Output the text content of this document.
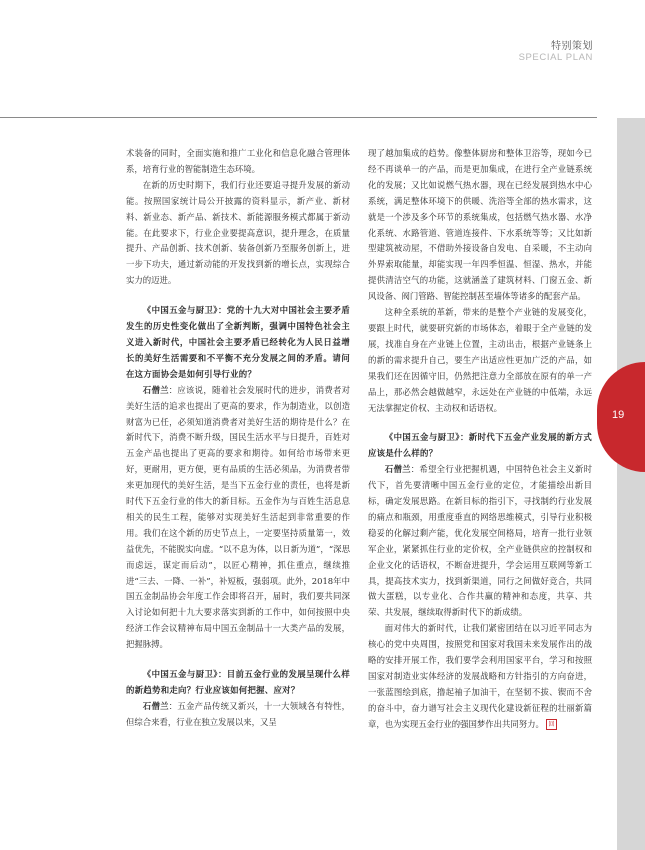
特别策划
SPECIAL PLAN
19

术装备的同时，全面实施和推广工业化和信息化融合管理体系，培育行业的智能制造生态环境。

在新的历史时期下，我们行业还要追寻提升发展的新动能。按照国家统计局公开披露的资料显示，新产业、新材料、新业态、新产品、新技术、新能源服务模式都属于新动能。在此要求下，行业企业要提高意识，提升理念，在质量提升、产品创新、技术创新、装备创新乃至服务创新上，进一步下功夫，通过新动能的开发找到新的增长点，实现综合实力的迈进。

《中国五金与厨卫》：党的十九大对中国社会主要矛盾发生的历史性变化做出了全新判断，强调中国特色社会主义进入新时代，中国社会主要矛盾已经转化为人民日益增长的美好生活需要和不平衡不充分发展之间的矛盾。请问在这方面协会是如何引导行业的？

石僧兰：应该说，随着社会发展时代的进步，消费者对美好生活的追求也提出了更高的要求，作为制造业，以创造财富为已任，必须知道消费者对美好生活的期待是什么？在新时代下，消费不断升级，国民生活水平与日提升，百姓对五金产品也提出了更高的要求和期待。如何给市场带来更好，更耐用，更方便，更有品质的生活必须品，为消费者带来更加现代的美好生活，是当下五金行业的责任，也将是新时代下五金行业的伟大的新目标。五金作为与百姓生活息息相关的民生工程，能够对实现美好生活起到非常重要的作用。我们在这个新的历史节点上，一定要坚持质量第一，效益优先，不能脱实向虚。“以不息为体，以日新为道”，“深思而虑远，谋定而后动”，以匠心精神，抓住重点，继续推进“三去、一降、一补”，补短板，强弱项。此外，2018年中国五金制品协会年度工作会即将召开，届时，我们要共同深入讨论如何把十九大要求落实到新的工作中，如何按照中央经济工作会议精神布局中国五金制品十一大类产品的发展，把握脉搏。

《中国五金与厨卫》：目前五金行业的发展呈现什么样的新趋势和走向？行业应该如何把握、应对？

石僧兰：五金产品传统又新兴，十一大领域各有特性，但综合来看，行业在独立发展以来，又呈

现了越加集成的趋势。像整体厨房和整体卫浴等，现如今已经不再谈单一的产品，而是更加集成，在进行全产业链系统化的发展；又比如说燃气热水器，现在已经发展到热水中心系统，满足整体环境下的供暖、洗浴等全部的热水需求，这就是一个涉及多个环节的系统集成，包括燃气热水器、水净化系统、水路管道、管道连接件、下水系统等等；又比如新型建筑被动屋，不借助外接设备自发电、自采暖，不主动向外界索取能量，却能实现一年四季恒温、恒湿、热水，并能提供清洁空气的功能，这就涵盖了建筑材料、门窗五金、新风设备、阀门管路、智能控制甚至墙体等诸多的配套产品。

这种全系统的革新，带来的是整个产业链的发展变化，要跟上时代，就要研究新的市场体态，着眼于全产业链的发展，找准自身在产业链上位置，主动出击，根据产业链条上的新的需求提升自己，要生产出适应性更加广泛的产品，如果我们还在因循守旧，仍然把注意力全部放在原有的单一产品上，那必然会越做越窄，永远处在产业链的中低端，永远无法掌握定价权、主动权和话语权。

《中国五金与厨卫》：新时代下五金产业发展的新方式应该是什么样的？

石僧兰：希望全行业把握机遇，中国特色社会主义新时代下，首先要清晰中国五金行业的定位，才能描绘出新目标，确定发展思路。在新目标的指引下，寻找制约行业发展的痛点和瓶颈，用重度垂直的网络思维模式，引导行业积极稳妥的化解过剩产能，优化发展空间格局，培育一批行业领军企业，紧紧抓住行业的定价权，全产业链供应的控制权和企业文化的话语权，不断奋进提升，学会运用互联网等新工具，提高技术实力，找到新渠道，同行之间做好竞合，共同做大蛋糕，以专业化、合作共赢的精神和态度，共享、共荣、共发展，继续取得新时代下的新成绩。

面对伟大的新时代，让我们紧密团结在以习近平同志为核心的党中央周围，按照党和国家对我国未来发展作出的战略的安排开展工作，我们要学会利用国家平台，学习和按照国家对制造业实体经济的发展战略和方针指引的方向奋进，一张蓝图绘到底，撸起袖子加油干，在坚韧不拔、锲而不舍的奋斗中，奋力谱写社会主义现代化建设新征程的壮丽新篇章，也为实现五金行业的强国梦作出共同努力。 回
